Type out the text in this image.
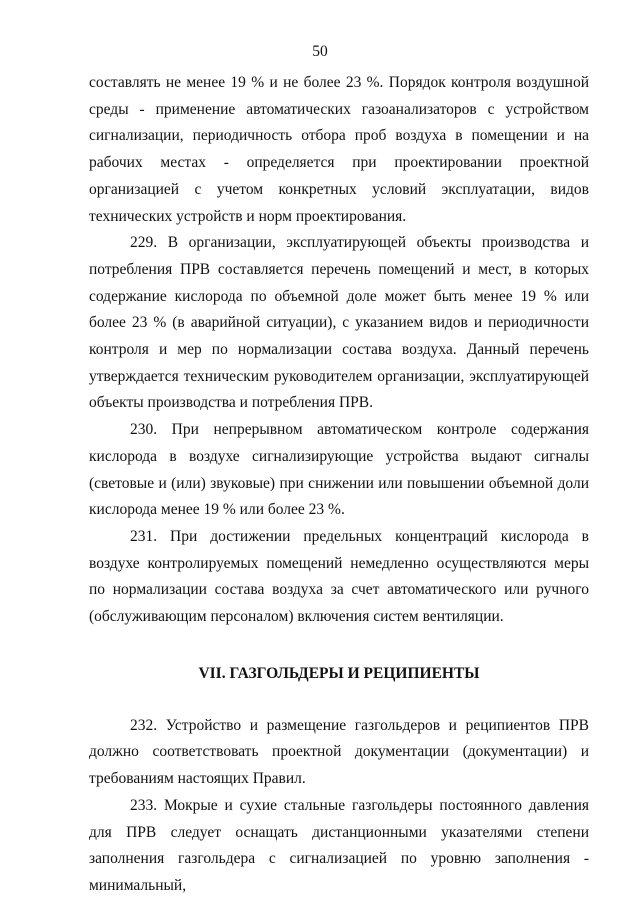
50

составлять не менее 19 % и не более 23 %. Порядок контроля воздушной среды - применение автоматических газоанализаторов с устройством сигнализации, периодичность отбора проб воздуха в помещении и на рабочих местах - определяется при проектировании проектной организацией с учетом конкретных условий эксплуатации, видов технических устройств и норм проектирования.

229. В организации, эксплуатирующей объекты производства и потребления ПРВ составляется перечень помещений и мест, в которых содержание кислорода по объемной доле может быть менее 19 % или более 23 % (в аварийной ситуации), с указанием видов и периодичности контроля и мер по нормализации состава воздуха. Данный перечень утверждается техническим руководителем организации, эксплуатирующей объекты производства и потребления ПРВ.

230. При непрерывном автоматическом контроле содержания кислорода в воздухе сигнализирующие устройства выдают сигналы (световые и (или) звуковые) при снижении или повышении объемной доли кислорода менее 19 % или более 23 %.

231. При достижении предельных концентраций кислорода в воздухе контролируемых помещений немедленно осуществляются меры по нормализации состава воздуха за счет автоматического или ручного (обслуживающим персоналом) включения систем вентиляции.

VII. ГАЗГОЛЬДЕРЫ И РЕЦИПИЕНТЫ

232. Устройство и размещение газгольдеров и реципиентов ПРВ должно соответствовать проектной документации (документации) и требованиям настоящих Правил.

233. Мокрые и сухие стальные газгольдеры постоянного давления для ПРВ следует оснащать дистанционными указателями степени заполнения газгольдера с сигнализацией по уровню заполнения - минимальный,
